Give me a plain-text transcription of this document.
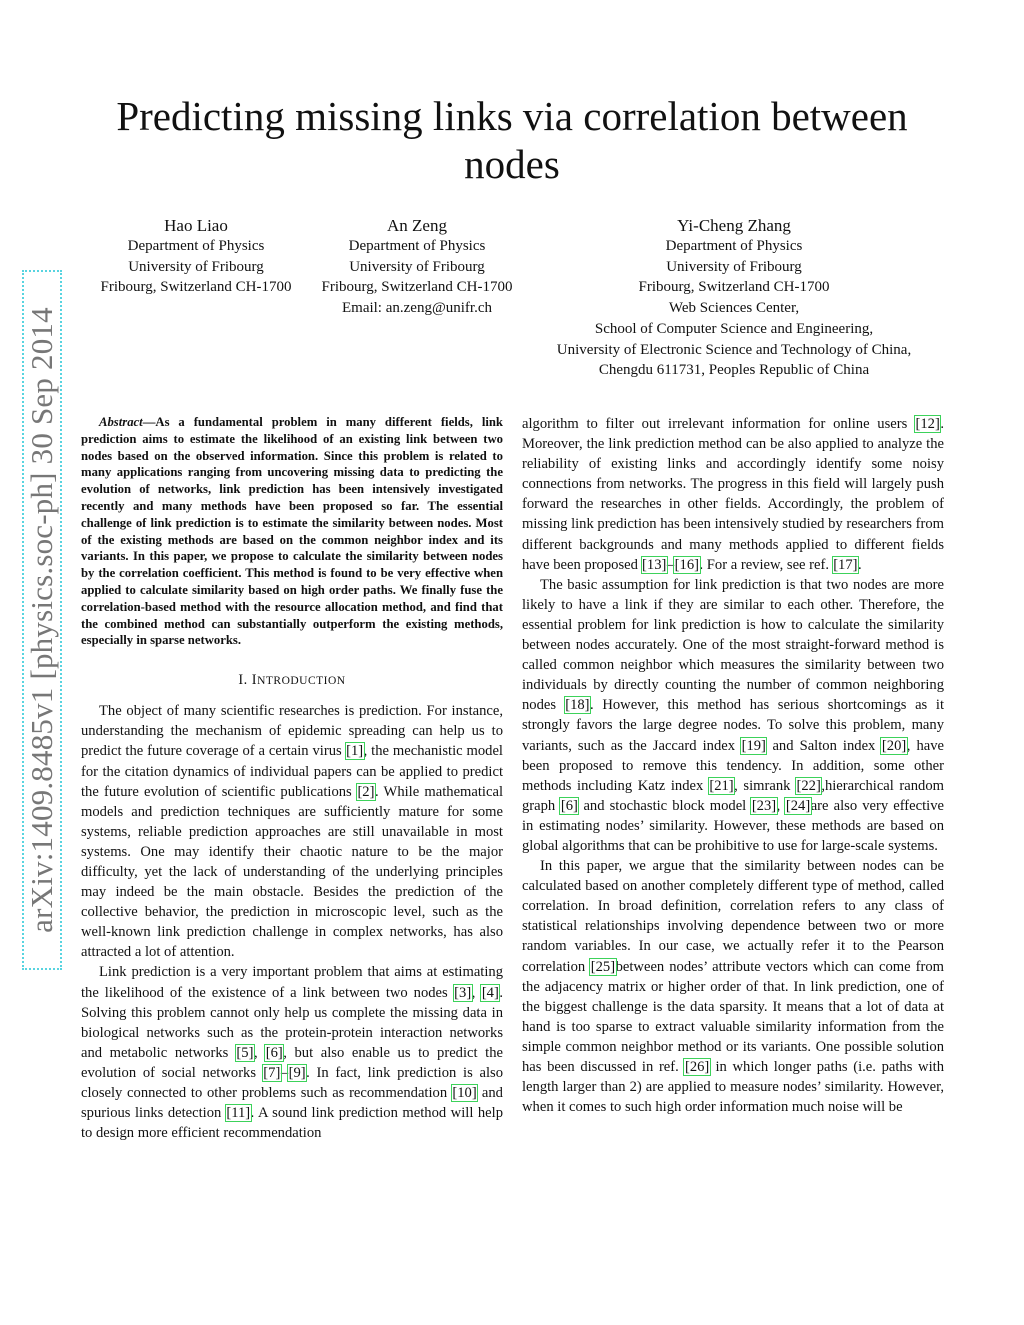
arXiv:1409.8485v1 [physics.soc-ph] 30 Sep 2014
Predicting missing links via correlation between nodes
Hao Liao
Department of Physics
University of Fribourg
Fribourg, Switzerland CH-1700
An Zeng
Department of Physics
University of Fribourg
Fribourg, Switzerland CH-1700
Email: an.zeng@unifr.ch
Yi-Cheng Zhang
Department of Physics
University of Fribourg
Fribourg, Switzerland CH-1700
Web Sciences Center,
School of Computer Science and Engineering,
University of Electronic Science and Technology of China,
Chengdu 611731, Peoples Republic of China

Abstract—As a fundamental problem in many different fields, link prediction aims to estimate the likelihood of an existing link between two nodes based on the observed information. Since this problem is related to many applications ranging from uncovering missing data to predicting the evolution of networks, link prediction has been intensively investigated recently and many methods have been proposed so far. The essential challenge of link prediction is to estimate the similarity between nodes. Most of the existing methods are based on the common neighbor index and its variants. In this paper, we propose to calculate the similarity between nodes by the correlation coefficient. This method is found to be very effective when applied to calculate similarity based on high order paths. We finally fuse the correlation-based method with the resource allocation method, and find that the combined method can substantially outperform the existing methods, especially in sparse networks.

I. INTRODUCTION

The object of many scientific researches is prediction. For instance, understanding the mechanism of epidemic spreading can help us to predict the future coverage of a certain virus [1], the mechanistic model for the citation dynamics of individual papers can be applied to predict the future evolution of scientific publications [2]. While mathematical models and prediction techniques are sufficiently mature for some systems, reliable prediction approaches are still unavailable in most systems. One may identify their chaotic nature to be the major difficulty, yet the lack of understanding of the underlying principles may indeed be the main obstacle. Besides the prediction of the collective behavior, the prediction in microscopic level, such as the well-known link prediction challenge in complex networks, has also attracted a lot of attention.

Link prediction is a very important problem that aims at estimating the likelihood of the existence of a link between two nodes [3], [4]. Solving this problem cannot only help us complete the missing data in biological networks such as the protein-protein interaction networks and metabolic networks [5], [6], but also enable us to predict the evolution of social networks [7]–[9]. In fact, link prediction is also closely connected to other problems such as recommendation [10] and spurious links detection [11]. A sound link prediction method will help to design more efficient recommendation

algorithm to filter out irrelevant information for online users [12]. Moreover, the link prediction method can be also applied to analyze the reliability of existing links and accordingly identify some noisy connections from networks. The progress in this field will largely push forward the researches in other fields. Accordingly, the problem of missing link prediction has been intensively studied by researchers from different backgrounds and many methods applied to different fields have been proposed [13]–[16]. For a review, see ref. [17].

The basic assumption for link prediction is that two nodes are more likely to have a link if they are similar to each other. Therefore, the essential problem for link prediction is how to calculate the similarity between nodes accurately. One of the most straight-forward method is called common neighbor which measures the similarity between two individuals by directly counting the number of common neighboring nodes [18]. However, this method has serious shortcomings as it strongly favors the large degree nodes. To solve this problem, many variants, such as the Jaccard index [19] and Salton index [20], have been proposed to remove this tendency. In addition, some other methods including Katz index [21], simrank [22],hierarchical random graph [6] and stochastic block model [23], [24]are also very effective in estimating nodes’ similarity. However, these methods are based on global algorithms that can be prohibitive to use for large-scale systems.

In this paper, we argue that the similarity between nodes can be calculated based on another completely different type of method, called correlation. In broad definition, correlation refers to any class of statistical relationships involving dependence between two or more random variables. In our case, we actually refer it to the Pearson correlation [25]between nodes’ attribute vectors which can come from the adjacency matrix or higher order of that. In link prediction, one of the biggest challenge is the data sparsity. It means that a lot of data at hand is too sparse to extract valuable similarity information from the simple common neighbor method or its variants. One possible solution has been discussed in ref. [26] in which longer paths (i.e. paths with length larger than 2) are applied to measure nodes’ similarity. However, when it comes to such high order information much noise will be
